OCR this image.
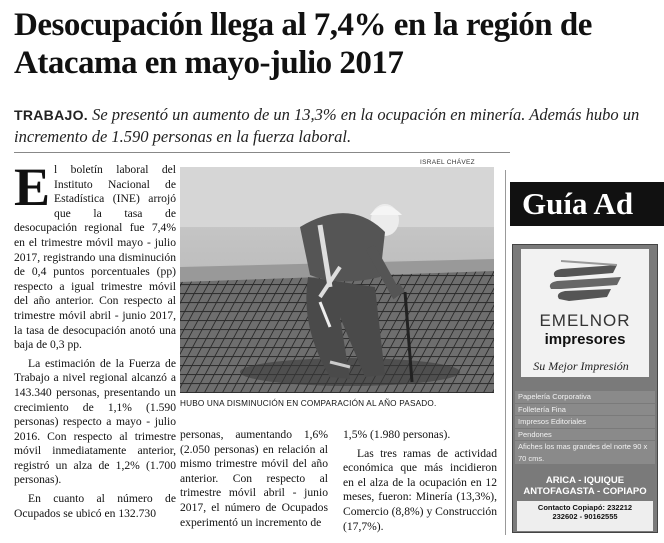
Desocupación llega al 7,4% en la región de Atacama en mayo-julio 2017
TRABAJO. Se presentó un aumento de un 13,3% en la ocupación en minería. Además hubo un incremento de 1.590 personas en la fuerza laboral.

El boletín laboral del Instituto Nacional de Estadística (INE) arrojó que la tasa de desocupación regional fue 7,4% en el trimestre móvil mayo - julio 2017, registrando una disminución de 0,4 puntos porcentuales (pp) respecto a igual trimestre móvil del año anterior. Con respecto al trimestre móvil abril - junio 2017, la tasa de desocupación anotó una baja de 0,3 pp.

La estimación de la Fuerza de Trabajo a nivel regional alcanzó a 143.340 personas, presentando un crecimiento de 1,1% (1.590 personas) respecto a mayo - julio 2016. Con respecto al trimestre móvil inmediatamente anterior, registró un alza de 1,2% (1.700 personas).

En cuanto al número de Ocupados se ubicó en 132.730

ISRAEL CHÁVEZ
HUBO UNA DISMINUCIÓN EN COMPARACIÓN AL AÑO PASADO.

personas, aumentando 1,6% (2.050 personas) en relación al mismo trimestre móvil del año anterior. Con respecto al trimestre móvil abril - junio 2017, el número de Ocupados experimentó un incremento de

1,5% (1.980 personas).

Las tres ramas de actividad económica que más incidieron en el alza de la ocupación en 12 meses, fueron: Minería (13,3%), Comercio (8,8%) y Construcción (17,7%).

Guía Ad
EMELNOR
impresores
Su Mejor Impresión
Papelería Corporativa
Folletería Fina
Impresos Editoriales
Pendones
Afiches los mas grandes del norte 90 x 70 cms.
ARICA - IQUIQUE
ANTOFAGASTA - COPIAPO
Contacto Copiapó: 232212
232602 - 90162555
